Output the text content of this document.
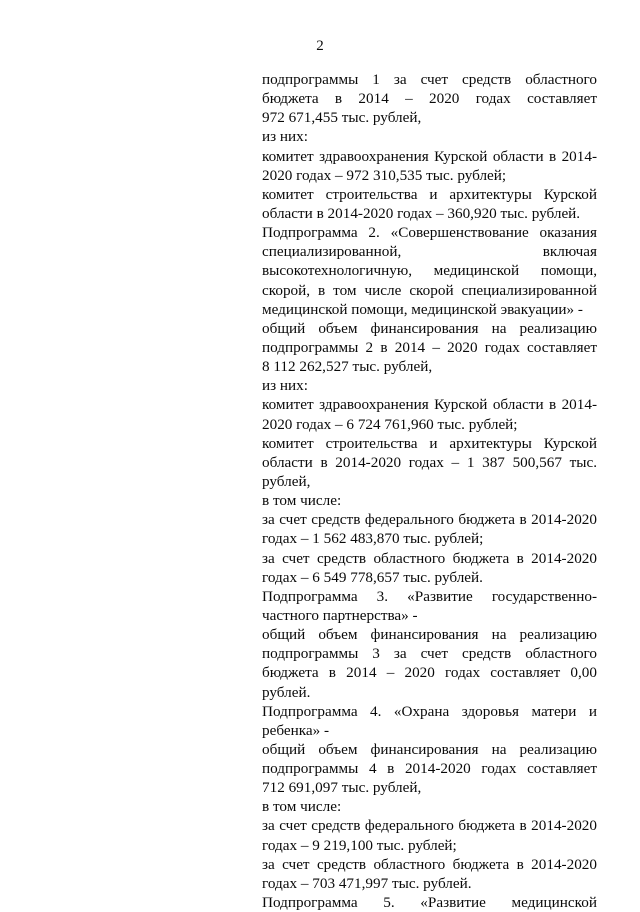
2
подпрограммы 1 за счет средств областного
бюджета в 2014 – 2020 годах составляет
972 671,455 тыс. рублей,
из них:
комитет здравоохранения Курской области в 2014-
2020 годах – 972 310,535 тыс. рублей;
комитет строительства и архитектуры Курской
области в 2014-2020 годах – 360,920 тыс. рублей.
Подпрограмма 2. «Совершенствование оказания
специализированной, включая
высокотехнологичную, медицинской помощи,
скорой, в том числе скорой специализированной
медицинской помощи, медицинской эвакуации» -
общий объем финансирования на реализацию
подпрограммы 2 в 2014 – 2020 годах составляет
8 112 262,527 тыс. рублей,
из них:
комитет здравоохранения Курской области в 2014-
2020 годах – 6 724 761,960 тыс. рублей;
комитет строительства и архитектуры Курской
области в 2014-2020 годах – 1 387 500,567 тыс.
рублей,
в том числе:
за счет средств федерального бюджета в 2014-2020
годах – 1 562 483,870 тыс. рублей;
за счет средств областного бюджета в 2014-2020
годах – 6 549 778,657 тыс. рублей.
Подпрограмма 3. «Развитие государственно-
частного партнерства» -
общий объем финансирования на реализацию
подпрограммы 3 за счет средств областного
бюджета в 2014 – 2020 годах составляет 0,00
рублей.
Подпрограмма 4. «Охрана здоровья матери и
ребенка» -
общий объем финансирования на реализацию
подпрограммы 4 в 2014-2020 годах составляет
712 691,097 тыс. рублей,
в том числе:
за счет средств федерального бюджета в 2014-2020
годах – 9 219,100 тыс. рублей;
за счет средств областного бюджета в 2014-2020
годах – 703 471,997 тыс. рублей.
Подпрограмма 5. «Развитие медицинской
